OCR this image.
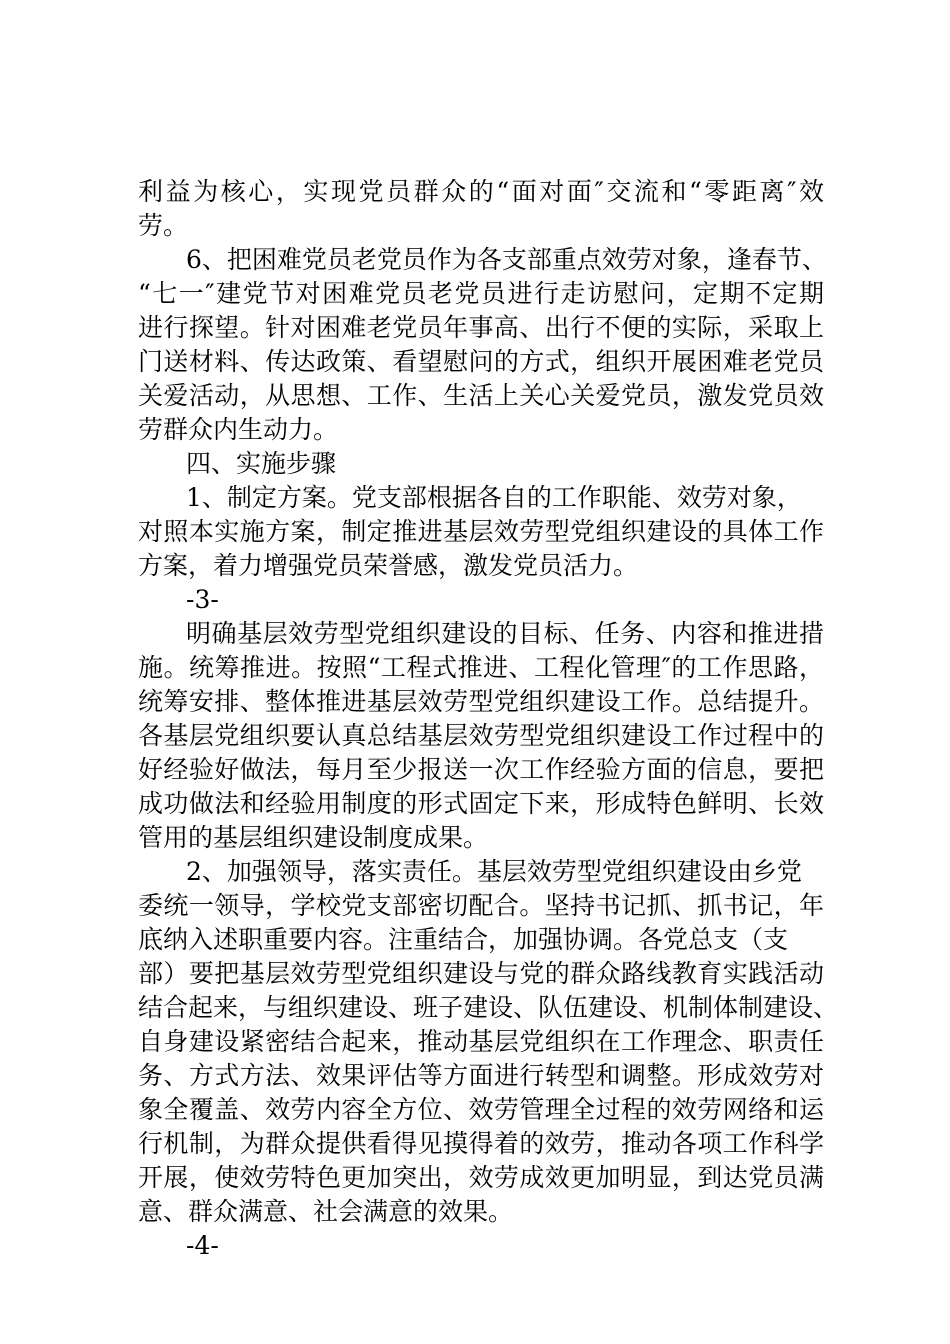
利益为核心，实现党员群众的“面对面″交流和“零距离″效
劳。
6、把困难党员老党员作为各支部重点效劳对象，逢春节、
“七一″建党节对困难党员老党员进行走访慰问，定期不定期
进行探望。针对困难老党员年事高、出行不便的实际，采取上
门送材料、传达政策、看望慰问的方式，组织开展困难老党员
关爱活动，从思想、工作、生活上关心关爱党员，激发党员效
劳群众内生动力。
四、实施步骤
1、制定方案。党支部根据各自的工作职能、效劳对象，
对照本实施方案，制定推进基层效劳型党组织建设的具体工作
方案，着力增强党员荣誉感，激发党员活力。
-3-
明确基层效劳型党组织建设的目标、任务、内容和推进措
施。统筹推进。按照“工程式推进、工程化管理″的工作思路，
统筹安排、整体推进基层效劳型党组织建设工作。总结提升。
各基层党组织要认真总结基层效劳型党组织建设工作过程中的
好经验好做法，每月至少报送一次工作经验方面的信息，要把
成功做法和经验用制度的形式固定下来，形成特色鲜明、长效
管用的基层组织建设制度成果。
2、加强领导，落实责任。基层效劳型党组织建设由乡党
委统一领导，学校党支部密切配合。坚持书记抓、抓书记，年
底纳入述职重要内容。注重结合，加强协调。各党总支（支
部）要把基层效劳型党组织建设与党的群众路线教育实践活动
结合起来，与组织建设、班子建设、队伍建设、机制体制建设、
自身建设紧密结合起来，推动基层党组织在工作理念、职责任
务、方式方法、效果评估等方面进行转型和调整。形成效劳对
象全覆盖、效劳内容全方位、效劳管理全过程的效劳网络和运
行机制，为群众提供看得见摸得着的效劳，推动各项工作科学
开展，使效劳特色更加突出，效劳成效更加明显，到达党员满
意、群众满意、社会满意的效果。
-4-
